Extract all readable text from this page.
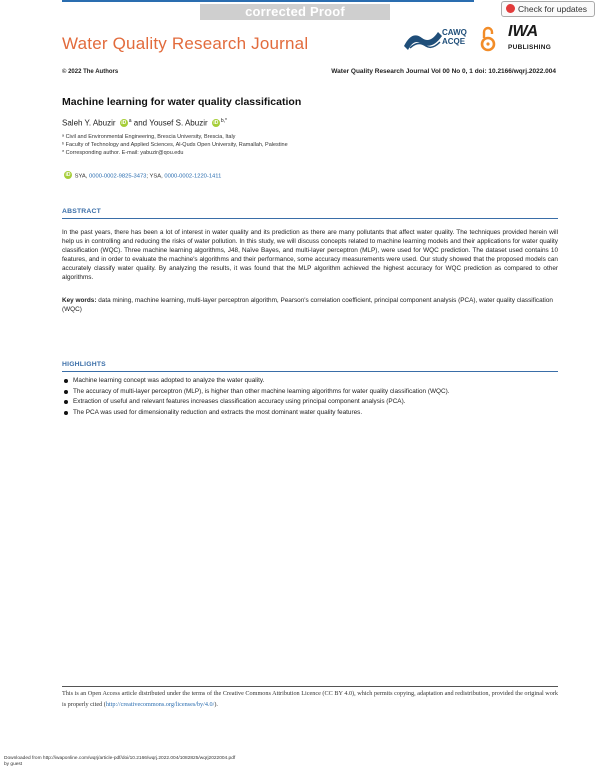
corrected Proof	Check for updates
Water Quality Research Journal
CAWQ
ACQE
IWA
PUBLISHING
© 2022 The Authors	Water Quality Research Journal Vol 00 No 0, 1 doi: 10.2166/wqrj.2022.004
Machine learning for water quality classification
Saleh Y. Abuzir iD $^a$ and Yousef S. Abuzir iD $^{b,*}$
ᵃ Civil and Environmental Engineering, Brescia University, Brescia, Italy
ᵇ Faculty of Technology and Applied Sciences, Al-Quds Open University, Ramallah, Palestine
* Corresponding author. E-mail: yabuzir@qou.edu
iD SYA, 0000-0002-9825-3473; YSA, 0000-0002-1220-1411
ABSTRACT

In the past years, there has been a lot of interest in water quality and its prediction as there are many pollutants that affect water quality. The techniques provided herein will help us in controlling and reducing the risks of water pollution. In this study, we will discuss concepts related to machine learning models and their applications for water quality classification (WQC). Three machine learning algorithms, J48, Naïve Bayes, and multi-layer perceptron (MLP), were used for WQC prediction. The dataset used contains 10 features, and in order to evaluate the machine's algorithms and their performance, some accuracy measurements were used. Our study showed that the proposed models can accurately classify water quality. By analyzing the results, it was found that the MLP algorithm achieved the highest accuracy for WQC prediction as compared to other algorithms.

Key words: data mining, machine learning, multi-layer perceptron algorithm, Pearson's correlation coefficient, principal component analysis (PCA), water quality classification (WQC)

HIGHLIGHTS
Machine learning concept was adopted to analyze the water quality.
The accuracy of multi-layer perceptron (MLP), is higher than other machine learning algorithms for water quality classification (WQC).
Extraction of useful and relevant features increases classification accuracy using principal component analysis (PCA).
The PCA was used for dimensionality reduction and extracts the most dominant water quality features.

This is an Open Access article distributed under the terms of the Creative Commons Attribution Licence (CC BY 4.0), which permits copying, adaptation and redistribution, provided the original work is properly cited (http://creativecommons.org/licenses/by/4.0/).

Downloaded from http://iwaponline.com/wqrj/article-pdf/doi/10.2166/wqrj.2022.004/1082825/wqrj2022004.pdf
by guest
